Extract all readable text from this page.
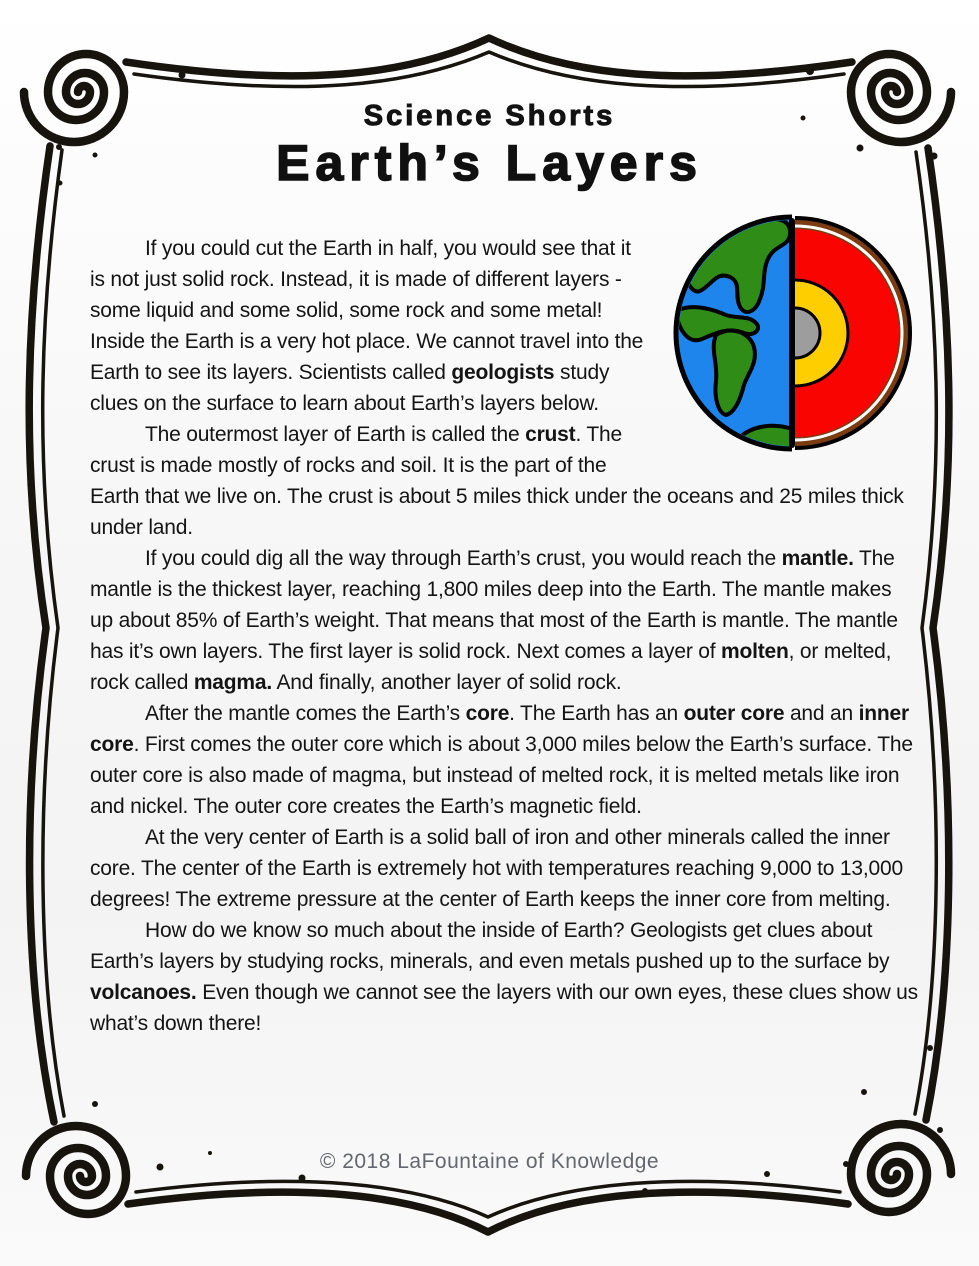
Science Shorts
Earth’s Layers

If you could cut the Earth in half, you would see that it is not just solid rock. Instead, it is made of different layers - some liquid and some solid, some rock and some metal! Inside the Earth is a very hot place. We cannot travel into the Earth to see its layers. Scientists called geologists study clues on the surface to learn about Earth’s layers below.

The outermost layer of Earth is called the crust. The crust is made mostly of rocks and soil. It is the part of the Earth that we live on. The crust is about 5 miles thick under the oceans and 25 miles thick under land.

If you could dig all the way through Earth’s crust, you would reach the mantle. The mantle is the thickest layer, reaching 1,800 miles deep into the Earth. The mantle makes up about 85% of Earth’s weight. That means that most of the Earth is mantle. The mantle has it’s own layers. The first layer is solid rock. Next comes a layer of molten, or melted, rock called magma. And finally, another layer of solid rock.

After the mantle comes the Earth’s core. The Earth has an outer core and an inner core. First comes the outer core which is about 3,000 miles below the Earth’s surface. The outer core is also made of magma, but instead of melted rock, it is melted metals like iron and nickel. The outer core creates the Earth’s magnetic field.

At the very center of Earth is a solid ball of iron and other minerals called the inner core. The center of the Earth is extremely hot with temperatures reaching 9,000 to 13,000 degrees! The extreme pressure at the center of Earth keeps the inner core from melting.

How do we know so much about the inside of Earth? Geologists get clues about Earth’s layers by studying rocks, minerals, and even metals pushed up to the surface by volcanoes. Even though we cannot see the layers with our own eyes, these clues show us what’s down there!

© 2018 LaFountaine of Knowledge
